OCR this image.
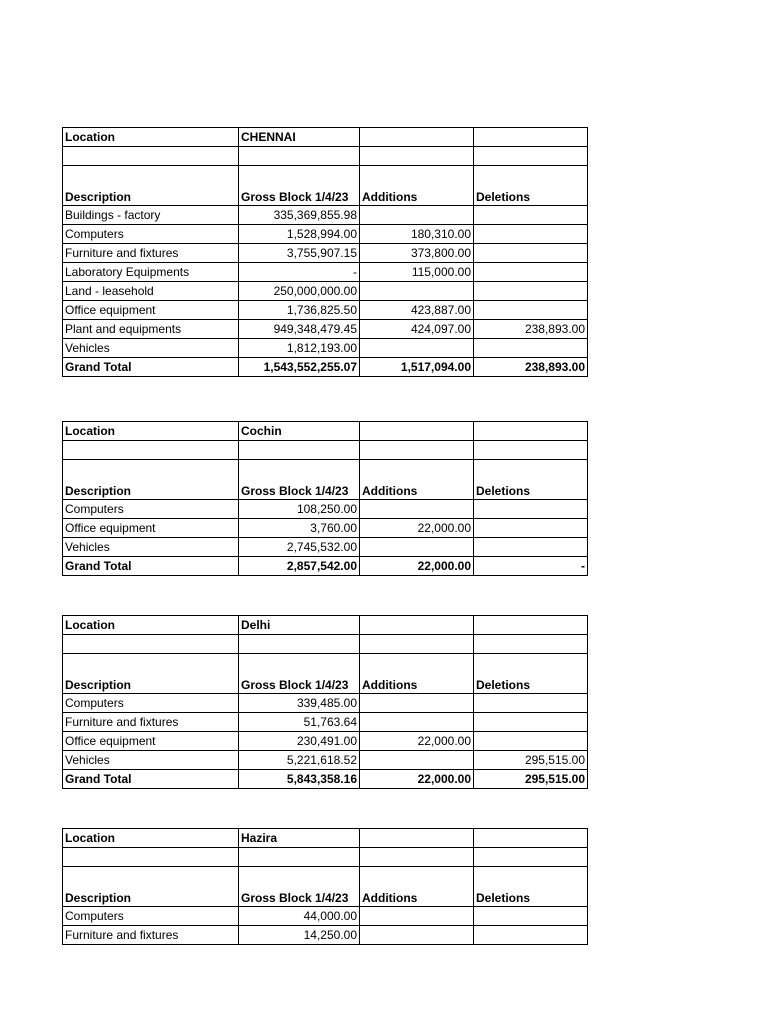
Location	CHENNAI		

Description	Gross Block 1/4/23	Additions	Deletions
Buildings - factory	335,369,855.98		
Computers	1,528,994.00	180,310.00	
Furniture and fixtures	3,755,907.15	373,800.00	
Laboratory Equipments	-	115,000.00	
Land - leasehold	250,000,000.00		
Office equipment	1,736,825.50	423,887.00	
Plant and equipments	949,348,479.45	424,097.00	238,893.00
Vehicles	1,812,193.00		
Grand Total	1,543,552,255.07	1,517,094.00	238,893.00
Location	Cochin		

Description	Gross Block 1/4/23	Additions	Deletions
Computers	108,250.00		
Office equipment	3,760.00	22,000.00	
Vehicles	2,745,532.00		
Grand Total	2,857,542.00	22,000.00	-
Location	Delhi		

Description	Gross Block 1/4/23	Additions	Deletions
Computers	339,485.00		
Furniture and fixtures	51,763.64		
Office equipment	230,491.00	22,000.00	
Vehicles	5,221,618.52		295,515.00
Grand Total	5,843,358.16	22,000.00	295,515.00
Location	Hazira		

Description	Gross Block 1/4/23	Additions	Deletions
Computers	44,000.00		
Furniture and fixtures	14,250.00		
